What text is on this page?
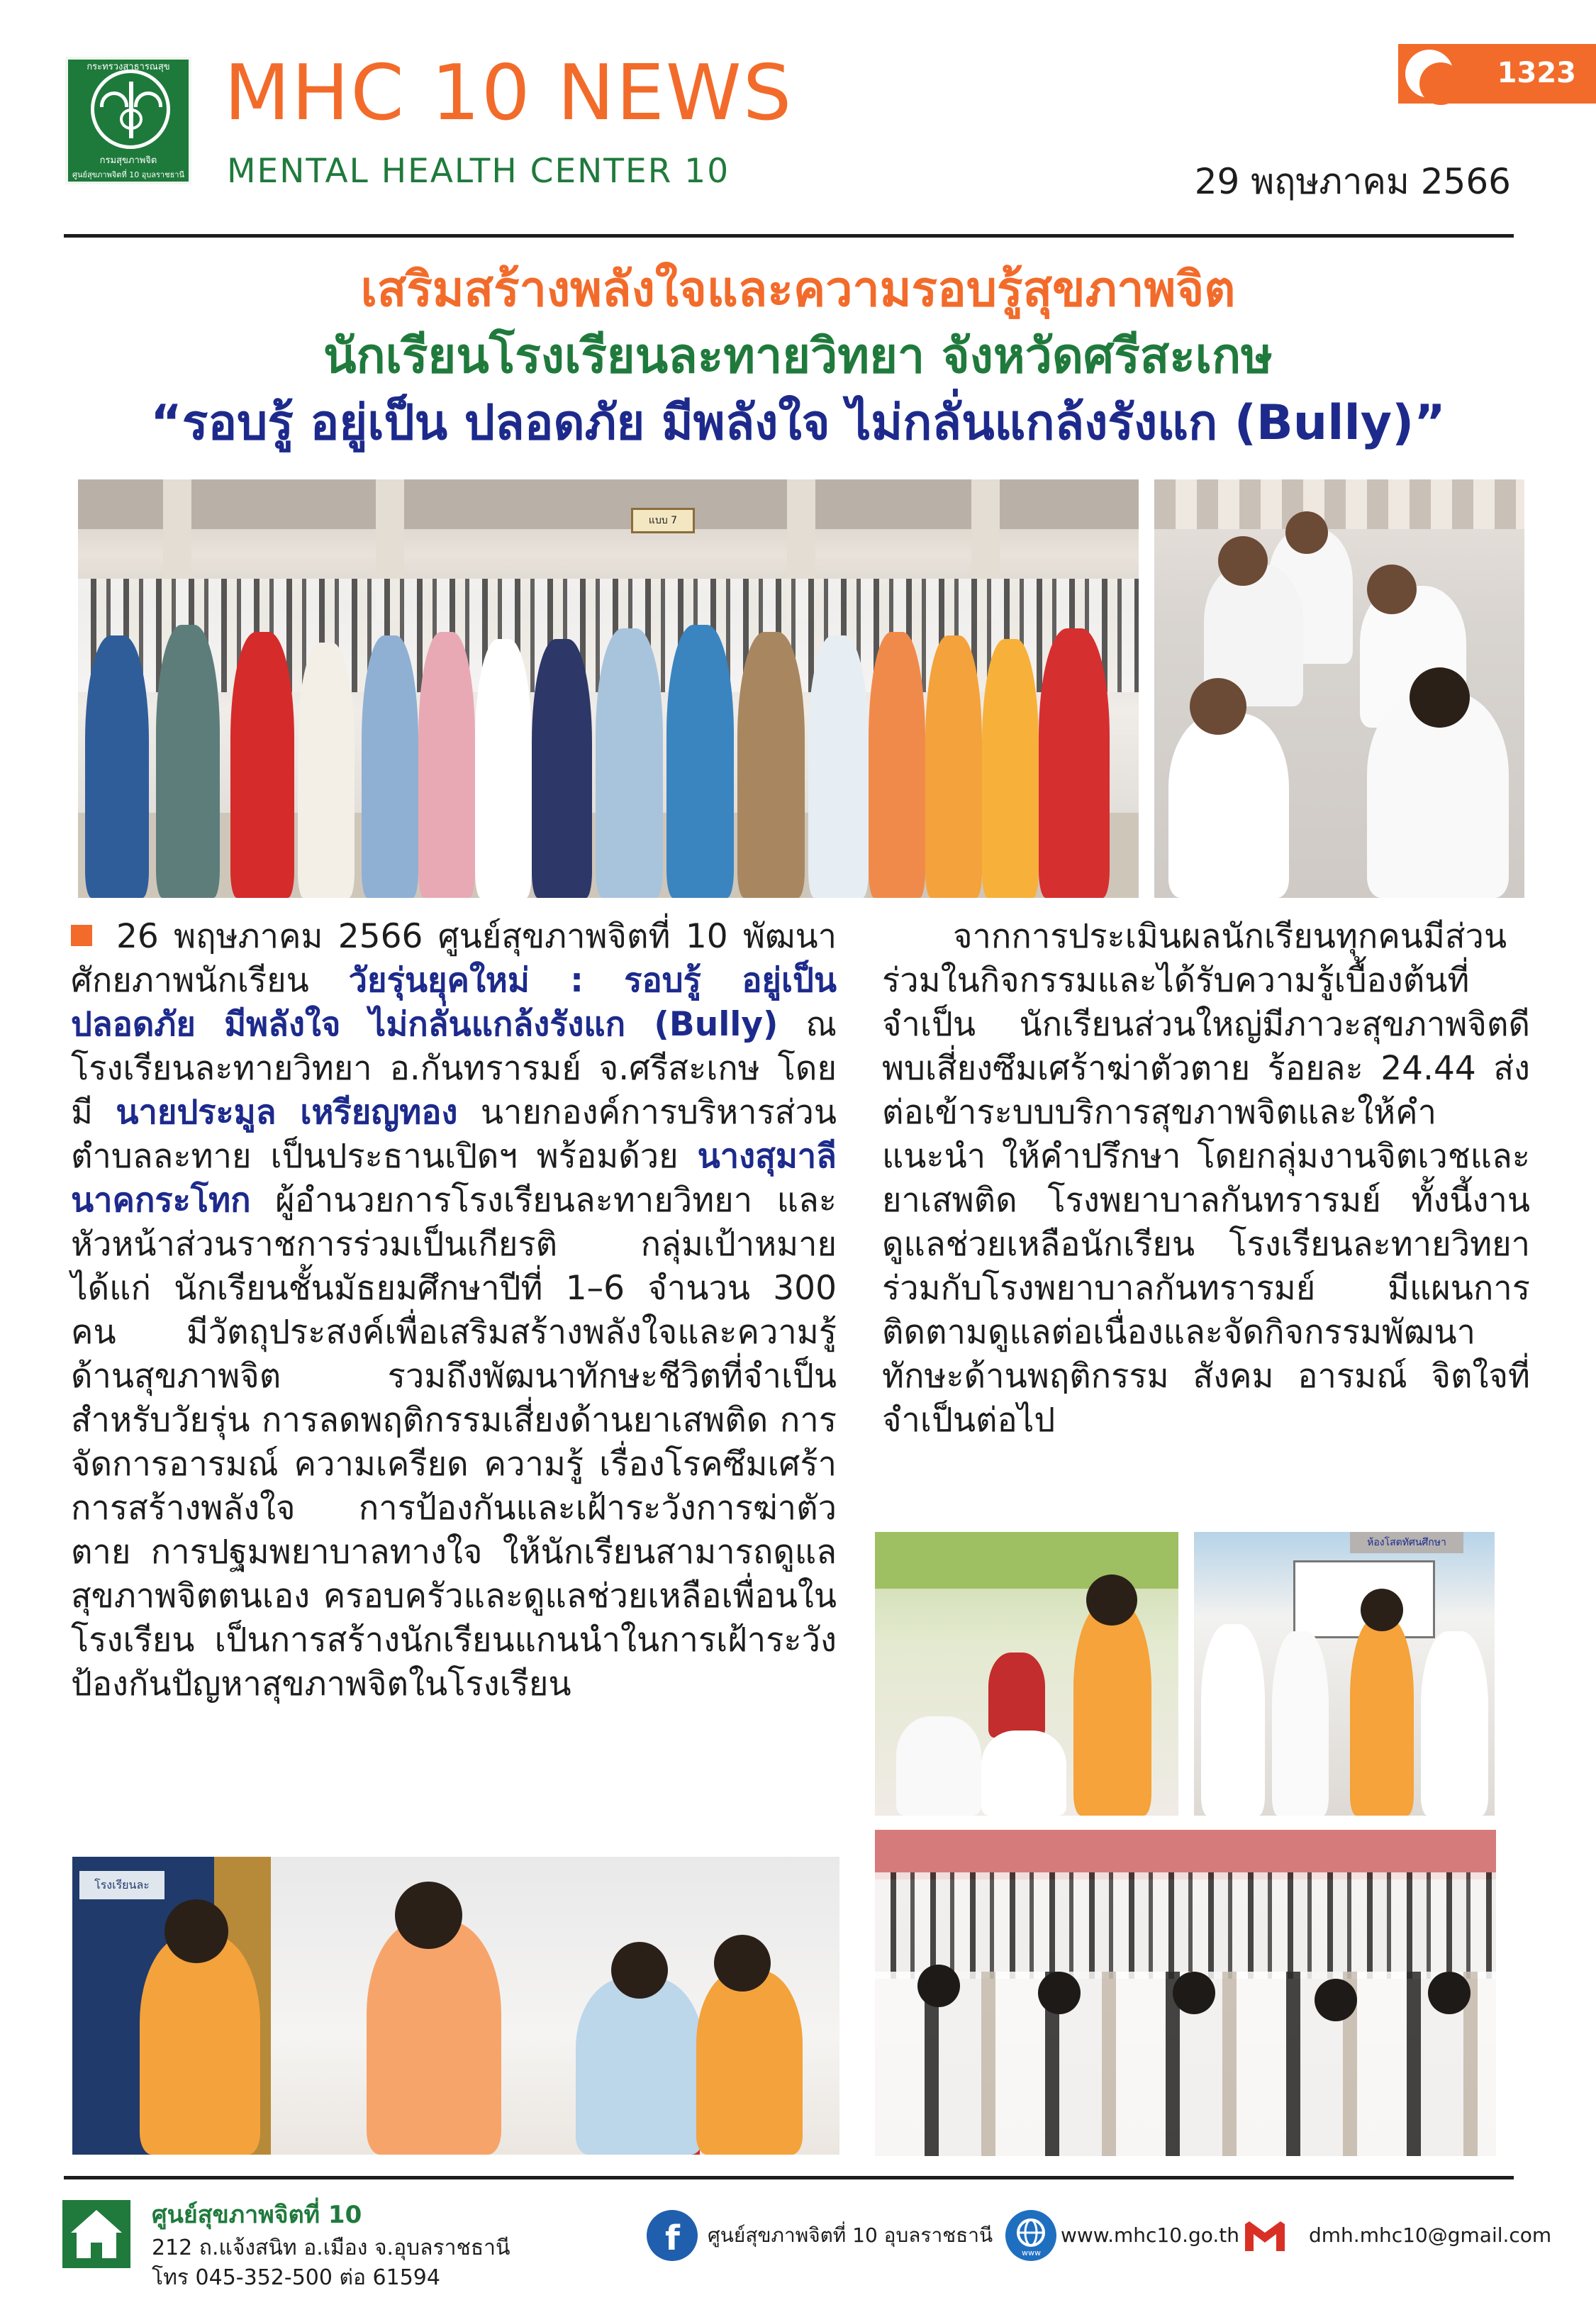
กระทรวงสาธารณสุข
กรมสุขภาพจิต
ศูนย์สุขภาพจิตที่ 10 อุบลราชธานี
MHC 10 NEWS
MENTAL HEALTH CENTER 10
1323
29 พฤษภาคม 2566
เสริมสร้างพลังใจและความรอบรู้สุขภาพจิต
นักเรียนโรงเรียนละทายวิทยา จังหวัดศรีสะเกษ
“รอบรู้ อยู่เป็น ปลอดภัย มีพลังใจ ไม่กลั่นแกล้งรังแก (Bully)”
แบบ 7
26 พฤษภาคม 2566 ศูนย์สุขภาพจิตที่ 10 พัฒนาศักยภาพนักเรียน วัยรุ่นยุคใหม่ : รอบรู้ อยู่เป็น ปลอดภัย มีพลังใจ ไม่กลั่นแกล้งรังแก (Bully) ณ โรงเรียนละทายวิทยา อ.กันทรารมย์ จ.ศรีสะเกษ โดยมี นายประมูล เหรียญทอง นายกองค์การบริหารส่วนตำบลละทาย เป็นประธานเปิดฯ พร้อมด้วย นางสุมาลี นาคกระโทก ผู้อำนวยการโรงเรียนละทายวิทยา และหัวหน้าส่วนราชการร่วมเป็นเกียรติ กลุ่มเป้าหมาย ได้แก่ นักเรียนชั้นมัธยมศึกษาปีที่ 1–6 จำนวน 300 คน มีวัตถุประสงค์เพื่อเสริมสร้างพลังใจและความรู้ด้านสุขภาพจิต รวมถึงพัฒนาทักษะชีวิตที่จำเป็นสำหรับวัยรุ่น การลดพฤติกรรมเสี่ยงด้านยาเสพติด การจัดการอารมณ์ ความเครียด ความรู้ เรื่องโรคซึมเศร้า การสร้างพลังใจ การป้องกันและเฝ้าระวังการฆ่าตัวตาย การปฐมพยาบาลทางใจ ให้นักเรียนสามารถดูแลสุขภาพจิตตนเอง ครอบครัวและดูแลช่วยเหลือเพื่อนในโรงเรียน เป็นการสร้างนักเรียนแกนนำในการเฝ้าระวังป้องกันปัญหาสุขภาพจิตในโรงเรียน
จากการประเมินผลนักเรียนทุกคนมีส่วนร่วมในกิจกรรมและได้รับความรู้เบื้องต้นที่จำเป็น นักเรียนส่วนใหญ่มีภาวะสุขภาพจิตดี พบเสี่ยงซึมเศร้าฆ่าตัวตาย ร้อยละ 24.44 ส่งต่อเข้าระบบบริการสุขภาพจิตและให้คำแนะนำ ให้คำปรึกษา โดยกลุ่มงานจิตเวชและยาเสพติด โรงพยาบาลกันทรารมย์ ทั้งนี้งานดูแลช่วยเหลือนักเรียน โรงเรียนละทายวิทยา ร่วมกับโรงพยาบาลกันทรารมย์ มีแผนการติดตามดูแลต่อเนื่องและจัดกิจกรรมพัฒนาทักษะด้านพฤติกรรม สังคม อารมณ์ จิตใจที่จำเป็นต่อไป
ห้องโสตทัศนศึกษา
โรงเรียนละ
ศูนย์สุขภาพจิตที่ 10
212 ถ.แจ้งสนิท อ.เมือง จ.อุบลราชธานี
โทร 045-352-500 ต่อ 61594
f ศูนย์สุขภาพจิตที่ 10 อุบลราชธานี
www
www.mhc10.go.th	dmh.mhc10@gmail.com
